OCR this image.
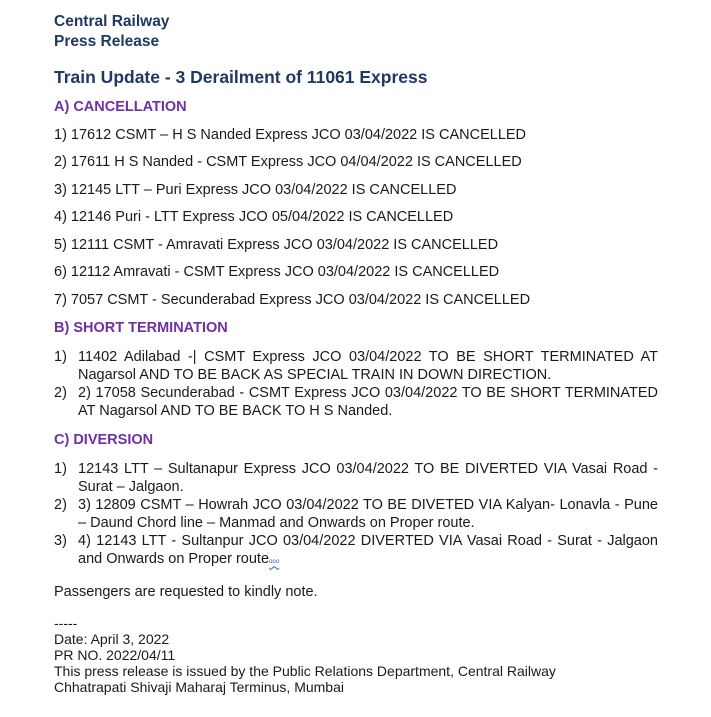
Central Railway
Press Release
Train Update - 3 Derailment of 11061 Express
A) CANCELLATION
1) 17612 CSMT – H S Nanded Express JCO 03/04/2022 IS CANCELLED
2) 17611 H S Nanded - CSMT Express JCO 04/04/2022 IS CANCELLED
3) 12145 LTT – Puri Express JCO 03/04/2022 IS CANCELLED
4) 12146 Puri - LTT Express JCO 05/04/2022 IS CANCELLED
5) 12111 CSMT - Amravati Express JCO 03/04/2022 IS CANCELLED
6) 12112 Amravati - CSMT Express JCO 03/04/2022 IS CANCELLED
7) 7057 CSMT - Secunderabad Express JCO 03/04/2022 IS CANCELLED
B) SHORT TERMINATION
1) 11402 Adilabad -| CSMT Express JCO 03/04/2022 TO BE SHORT TERMINATED AT Nagarsol AND TO BE BACK AS SPECIAL TRAIN IN DOWN DIRECTION.
2) 2) 17058 Secunderabad - CSMT Express JCO 03/04/2022 TO BE SHORT TERMINATED AT Nagarsol AND TO BE BACK TO H S Nanded.
C) DIVERSION
1) 12143 LTT – Sultanapur Express JCO 03/04/2022 TO BE DIVERTED VIA Vasai Road - Surat – Jalgaon.
2) 3) 12809 CSMT – Howrah JCO 03/04/2022 TO BE DIVETED VIA Kalyan- Lonavla - Pune – Daund Chord line – Manmad and Onwards on Proper route.
3) 4) 12143 LTT - Sultanpur JCO 03/04/2022 DIVERTED VIA Vasai Road - Surat - Jalgaon and Onwards on Proper routeᵒᵒᵒ
Passengers are requested to kindly note.
-----
Date: April 3, 2022
PR NO. 2022/04/11
This press release is issued by the Public Relations Department, Central Railway
Chhatrapati Shivaji Maharaj Terminus, Mumbai
